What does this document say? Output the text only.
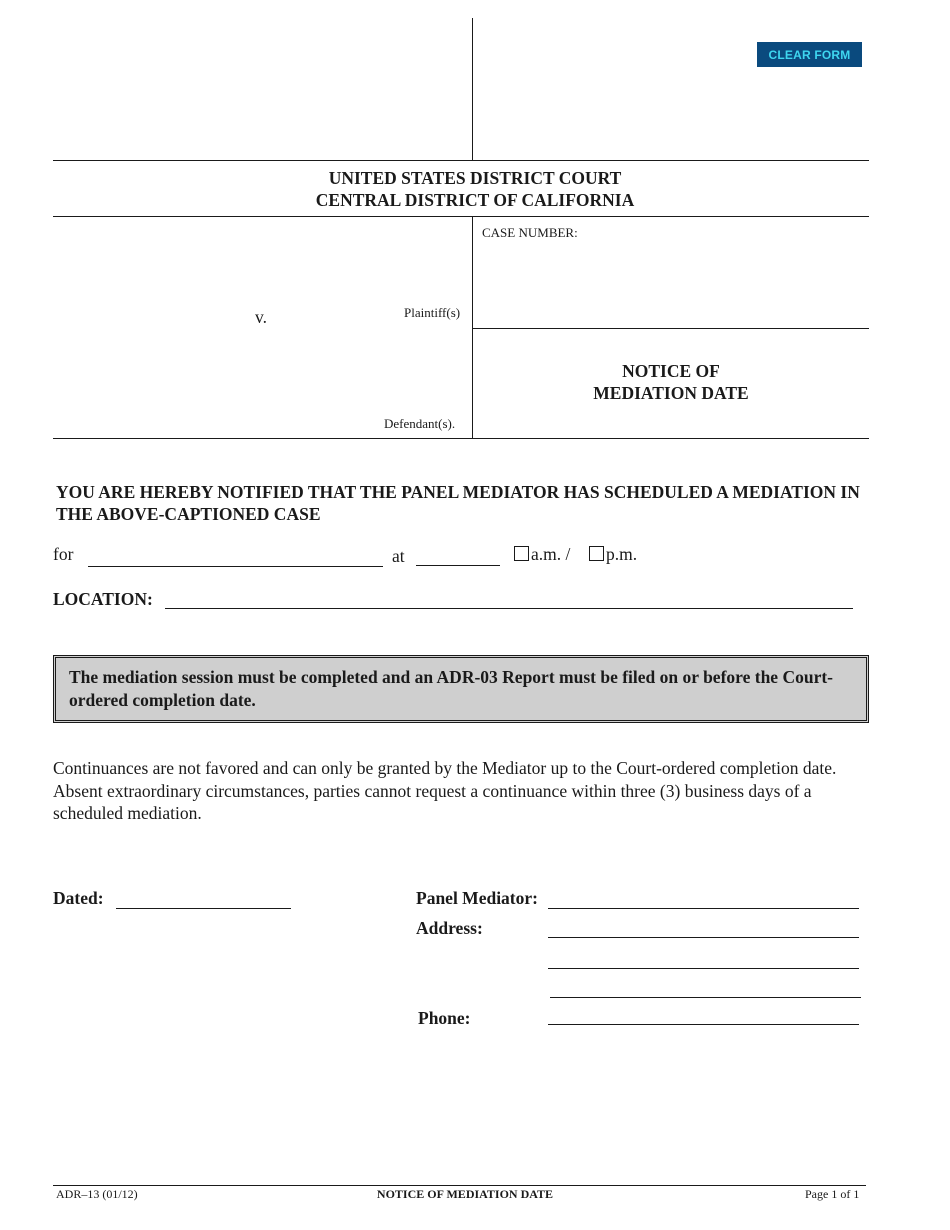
CLEAR FORM
UNITED STATES DISTRICT COURT
CENTRAL DISTRICT OF CALIFORNIA
CASE NUMBER:
Plaintiff(s)
v.
Defendant(s).
NOTICE OF
MEDIATION DATE
YOU ARE HEREBY NOTIFIED THAT THE PANEL MEDIATOR HAS SCHEDULED A MEDIATION IN THE ABOVE-CAPTIONED CASE
for	at	a.m. / p.m.
LOCATION:
The mediation session must be completed and an ADR-03 Report must be filed on or before the Court-ordered completion date.
Continuances are not favored and can only be granted by the Mediator up to the Court-ordered completion date. Absent extraordinary circumstances, parties cannot request a continuance within three (3) business days of a scheduled mediation.
Dated:	Panel Mediator:
Address:
Phone:
ADR–13 (01/12)	NOTICE OF MEDIATION DATE	Page 1 of 1
